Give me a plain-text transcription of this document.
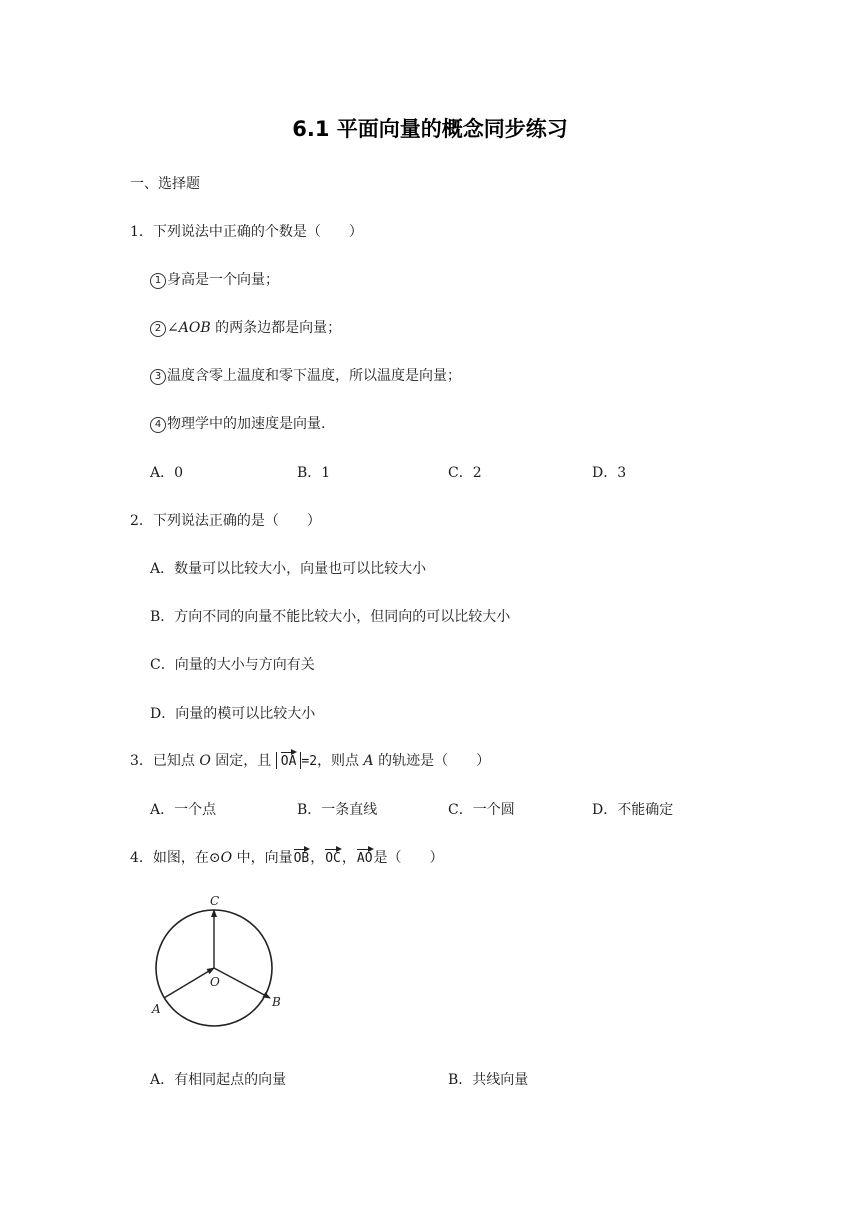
6.1 平面向量的概念同步练习
一、选择题
1．下列说法中正确的个数是（　　）
1 身高是一个向量；
2 ∠AOB 的两条边都是向量；
3 温度含零上温度和零下温度，所以温度是向量；
4 物理学中的加速度是向量.
A．0	B．1	C．2	D．3
2．下列说法正确的是（　　）
A．数量可以比较大小，向量也可以比较大小
B．方向不同的向量不能比较大小，但同向的可以比较大小
C．向量的大小与方向有关
D．向量的模可以比较大小
3．已知点 O 固定，且 OA =2，则点 A 的轨迹是（　　）
A．一个点	B．一条直线	C．一个圆	D．不能确定
4．如图，在⊙O 中，向量OB，OC，AO是（　　）
C
O
A	B
A．有相同起点的向量	B．共线向量
